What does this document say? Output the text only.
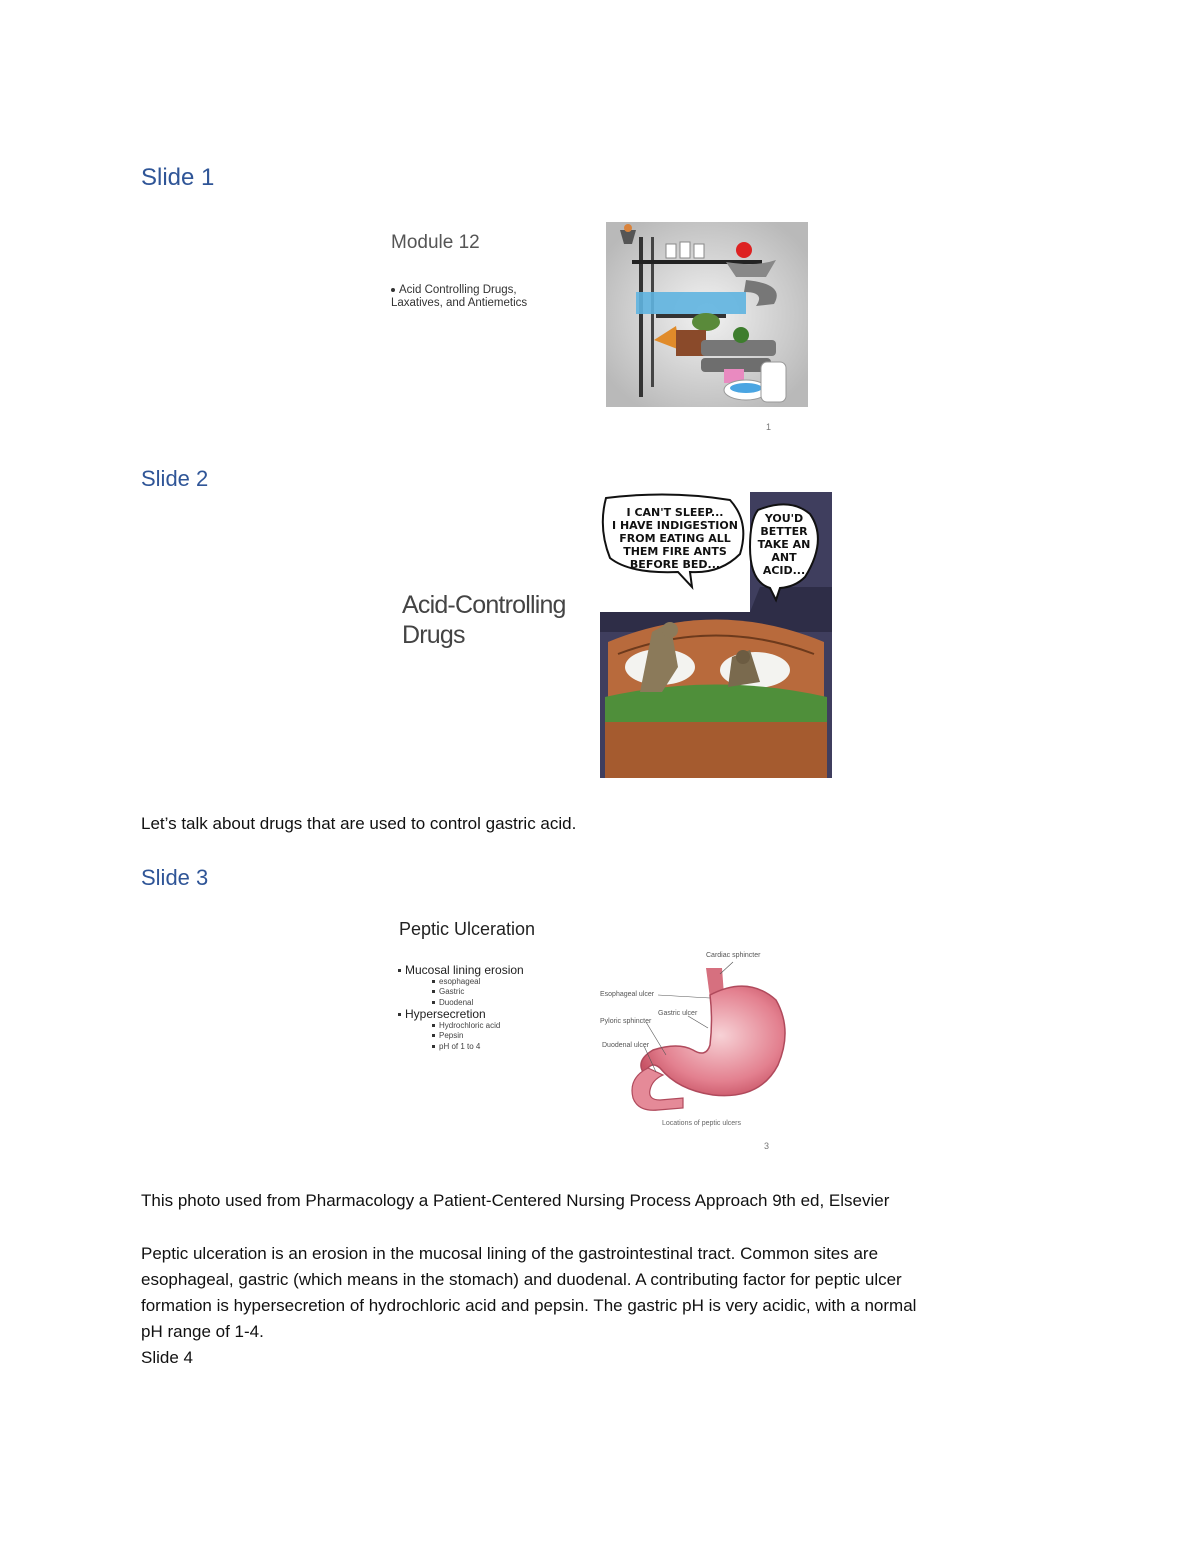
Slide 1
Module 12
Acid Controlling Drugs,
Laxatives, and Antiemetics
1
Slide 2
Acid-Controlling
Drugs
I CAN'T SLEEP...
I HAVE INDIGESTION
FROM EATING ALL
THEM FIRE ANTS
BEFORE BED...
YOU'D
BETTER
TAKE AN
ANT
ACID...
Let’s talk about drugs that are used to control gastric acid.
Slide 3
Peptic Ulceration
Mucosal lining erosion
esophageal
Gastric
Duodenal
Hypersecretion
Hydrochloric acid
Pepsin
pH of 1 to 4
Cardiac sphincter
Esophageal ulcer
Gastric ulcer
Pyloric sphincter
Duodenal ulcer
Locations of peptic ulcers
3
This photo used from Pharmacology a Patient-Centered Nursing Process Approach 9th ed, Elsevier
Peptic ulceration is an erosion in the mucosal lining of the gastrointestinal tract. Common sites are
esophageal, gastric (which means in the stomach) and duodenal. A contributing factor for peptic ulcer
formation is hypersecretion of hydrochloric acid and pepsin. The gastric pH is very acidic, with a normal
pH range of 1-4.
Slide 4
